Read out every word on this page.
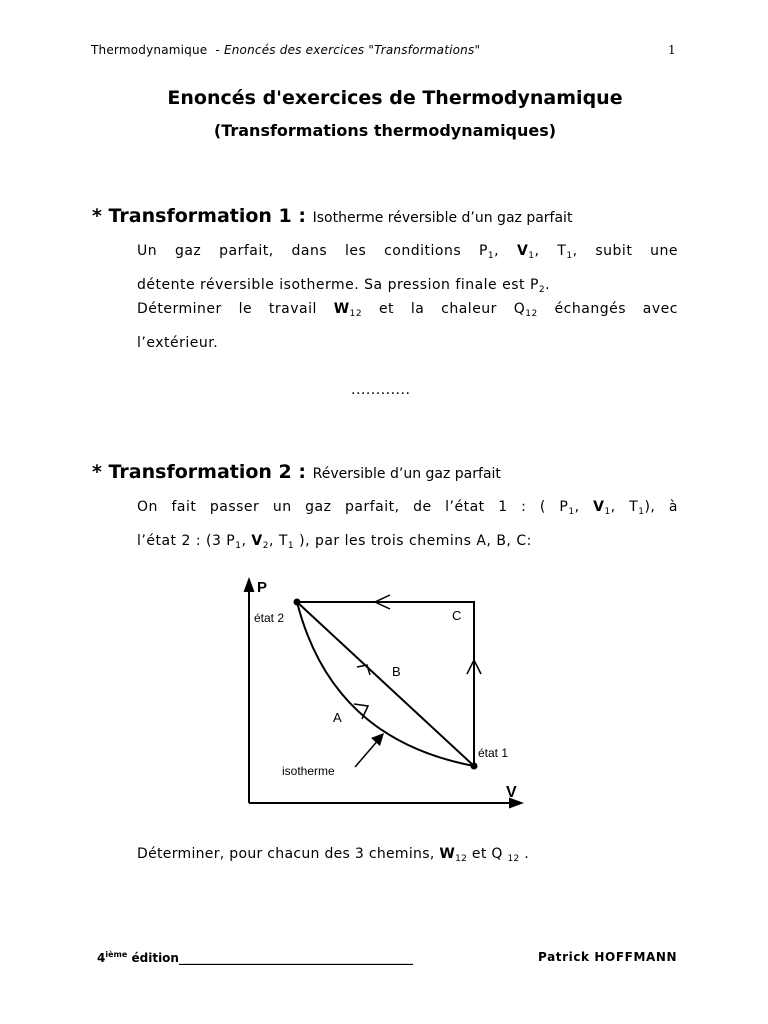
Thermodynamique - Enoncés des exercices "Transformations"	1
Enoncés d'exercices de Thermodynamique
(Transformations thermodynamiques)
* Transformation 1 : Isotherme réversible d’un gaz parfait
Un gaz parfait, dans les conditions $P_1$, $V_1$, $T_1$, subit une
détente réversible isotherme. Sa pression finale est $P_2$.
Déterminer le travail $W_{12}$ et la chaleur $Q_{12}$ échangés avec
l’extérieur.
............
* Transformation 2 : Réversible d’un gaz parfait
On fait passer un gaz parfait, de l’état 1 : ( $P_1$, $V_1$, $T_1$), à
l’état 2 : (3 $P_1$, $V_2$, $T_1$ ), par les trois chemins A, B, C:
P
V
état 2
état 1
C
B
A
isotherme
Déterminer, pour chacun des 3 chemins, $W_{12}$ et Q $_{12}$ .
4ième édition_______________________________________	Patrick HOFFMANN
